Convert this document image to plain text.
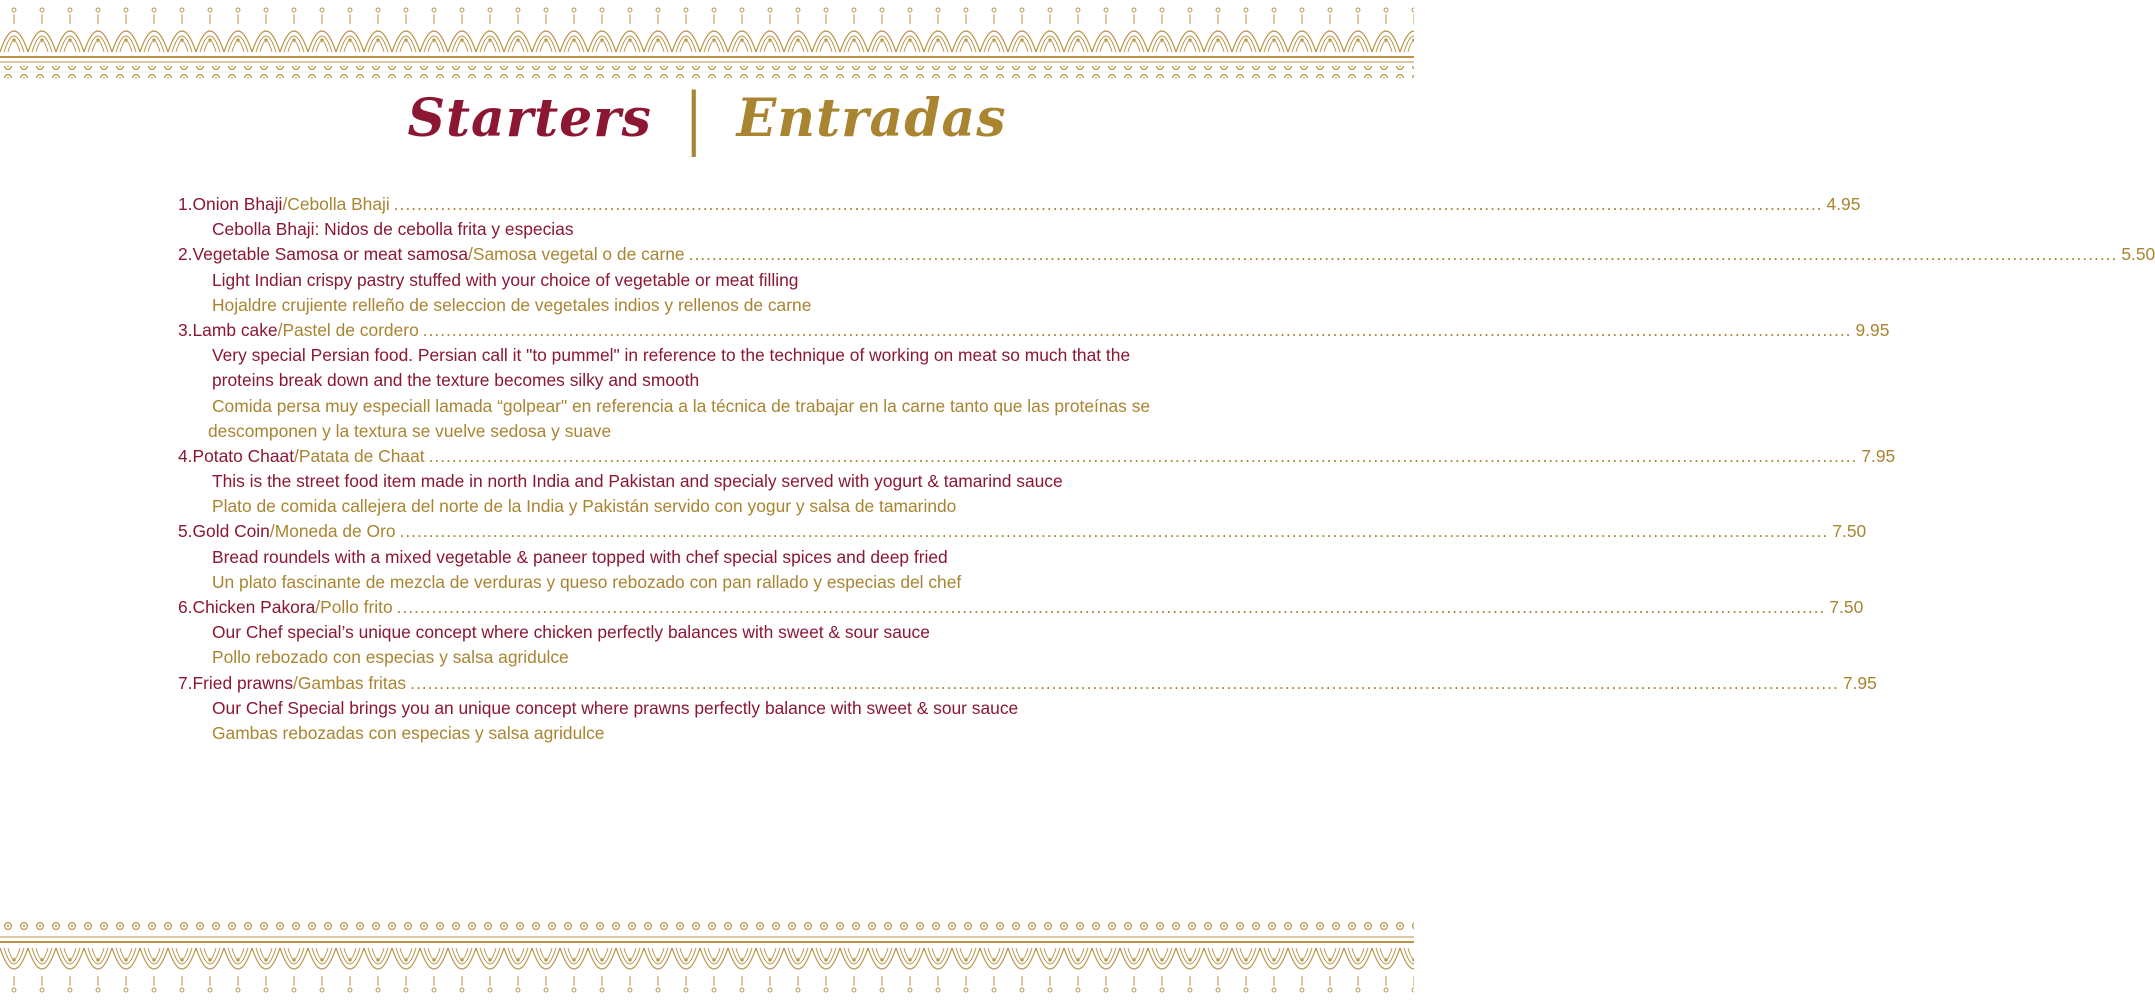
Starters | Entradas
1. Onion Bhaji / Cebolla Bhaji ..................................................................................................................................................................................................................................................... 4.95
Cebolla Bhaji: Nidos de cebolla frita y especias
2. Vegetable Samosa or meat samosa / Samosa vegetal o de carne ..................................................................................................................................................................................................................................................... 5.50
Light Indian crispy pastry stuffed with your choice of vegetable or meat filling
Hojaldre crujiente relleño de seleccion de vegetales indios y rellenos de carne
3. Lamb cake / Pastel de cordero ..................................................................................................................................................................................................................................................... 9.95
Very special Persian food. Persian call it "to pummel" in reference to the technique of working on meat so much that the
proteins break down and the texture becomes silky and smooth
Comida persa muy especiall lamada “golpear" en referencia a la técnica de trabajar en la carne tanto que las proteínas se
descomponen y la textura se vuelve sedosa y suave
4. Potato Chaat / Patata de Chaat ..................................................................................................................................................................................................................................................... 7.95
This is the street food item made in north India and Pakistan and specialy served with yogurt & tamarind sauce
Plato de comida callejera del norte de la India y Pakistán servido con yogur y salsa de tamarindo
5. Gold Coin / Moneda de Oro ..................................................................................................................................................................................................................................................... 7.50
Bread roundels with a mixed vegetable & paneer topped with chef special spices and deep fried
Un plato fascinante de mezcla de verduras y queso rebozado con pan rallado y especias del chef
6. Chicken Pakora / Pollo frito ..................................................................................................................................................................................................................................................... 7.50
Our Chef special’s unique concept where chicken perfectly balances with sweet & sour sauce
Pollo rebozado con especias y salsa agridulce
7. Fried prawns / Gambas fritas ..................................................................................................................................................................................................................................................... 7.95
Our Chef Special brings you an unique concept where prawns perfectly balance with sweet & sour sauce
Gambas rebozadas con especias y salsa agridulce
